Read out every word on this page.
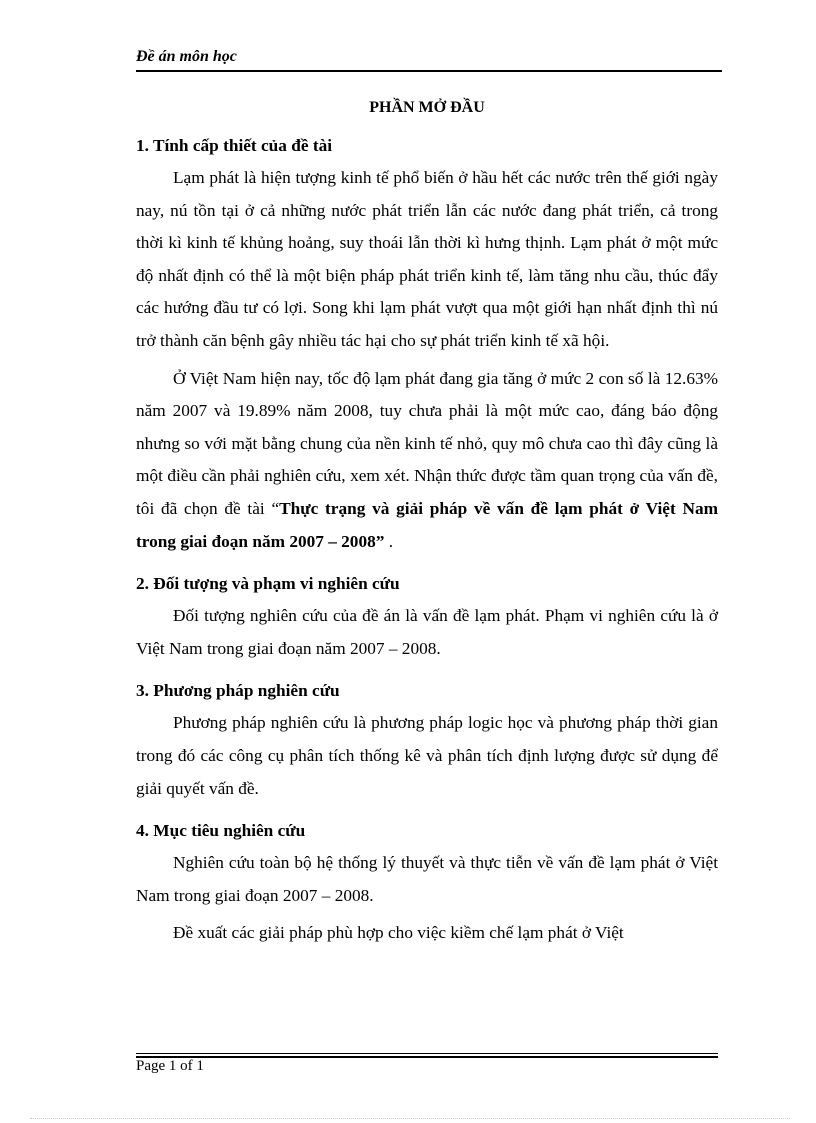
Đề án môn học
PHẦN MỞ ĐẦU
1. Tính cấp thiết của đề tài

Lạm phát là hiện tượng kinh tế phổ biến ở hầu hết các nước trên thế giới ngày nay, nú tồn tại ở cả những nước phát triển lẫn các nước đang phát triển, cả trong thời kì kinh tế khủng hoảng, suy thoái lẫn thời kì hưng thịnh. Lạm phát ở một mức độ nhất định có thể là một biện pháp phát triển kinh tế, làm tăng nhu cầu, thúc đẩy các hướng đầu tư có lợi. Song khi lạm phát vượt qua một giới hạn nhất định thì nú trở thành căn bệnh gây nhiều tác hại cho sự phát triển kinh tế xã hội.

Ở Việt Nam hiện nay, tốc độ lạm phát đang gia tăng ở mức 2 con số là 12.63% năm 2007 và 19.89% năm 2008, tuy chưa phải là một mức cao, đáng báo động nhưng so với mặt bằng chung của nền kinh tế nhỏ, quy mô chưa cao thì đây cũng là một điều cần phải nghiên cứu, xem xét. Nhận thức được tầm quan trọng của vấn đề, tôi đã chọn đề tài “Thực trạng và giải pháp về vấn đề lạm phát ở Việt Nam trong giai đoạn năm 2007 – 2008” .

2. Đối tượng và phạm vi nghiên cứu

Đối tượng nghiên cứu của đề án là vấn đề lạm phát. Phạm vi nghiên cứu là ở Việt Nam trong giai đoạn năm 2007 – 2008.

3. Phương pháp nghiên cứu

Phương pháp nghiên cứu là phương pháp logic học và phương pháp thời gian trong đó các công cụ phân tích thống kê và phân tích định lượng được sử dụng để giải quyết vấn đề.

4. Mục tiêu nghiên cứu

Nghiên cứu toàn bộ hệ thống lý thuyết và thực tiễn về vấn đề lạm phát ở Việt Nam trong giai đoạn 2007 – 2008.

Đề xuất các giải pháp phù hợp cho việc kiềm chế lạm phát ở Việt

Page 1 of 1
